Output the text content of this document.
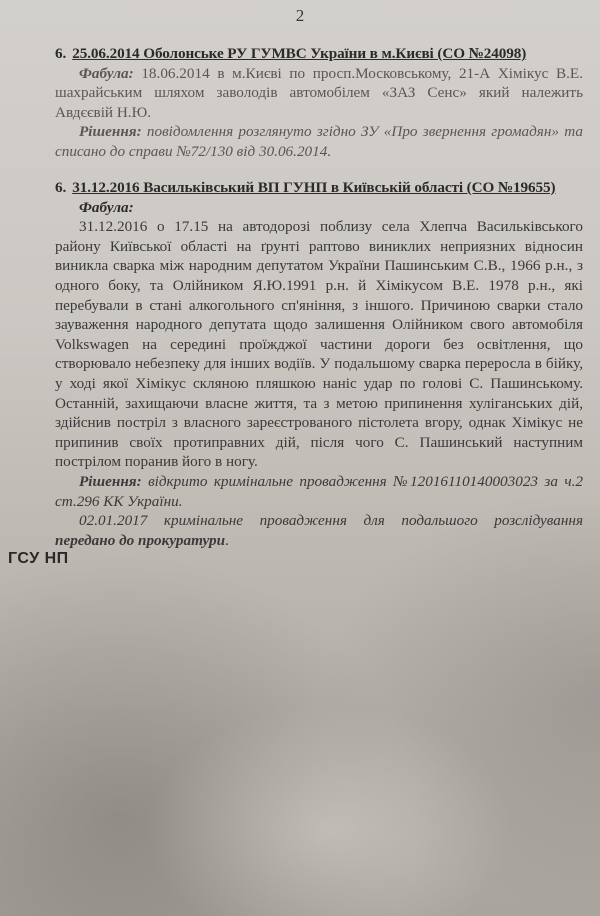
2
6. 25.06.2014 Оболонське РУ ГУМВС України в м.Києві (СО №24098)

Фабула: 18.06.2014 в м.Києві по просп.Московському, 21-А Хімікус В.Е. шахрайським шляхом заволодів автомобілем «ЗАЗ Сенс» який належить Авдєєвій Н.Ю.

Рішення: повідомлення розглянуто згідно ЗУ «Про звернення громадян» та списано до справи №72/130 від 30.06.2014.

6. 31.12.2016 Васильківський ВП ГУНП в Київській області (СО №19655)
Фабула:

31.12.2016 о 17.15 на автодорозі поблизу села Хлепча Васильківського району Київської області на ґрунті раптово виниклих неприязних відносин виникла сварка між народним депутатом України Пашинським С.В., 1966 р.н., з одного боку, та Олійником Я.Ю.1991 р.н. й Хімікусом В.Е. 1978 р.н., які перебували в стані алкогольного сп'яніння, з іншого. Причиною сварки стало зауваження народного депутата щодо залишення Олійником свого автомобіля Volkswagen на середині проїжджої частини дороги без освітлення, що створювало небезпеку для інших водіїв. У подальшому сварка переросла в бійку, у ході якої Хімікус скляною пляшкою наніс удар по голові С. Пашинському. Останній, захищаючи власне життя, та з метою припинення хуліганських дій, здійснив постріл з власного зареєстрованого пістолета вгору, однак Хімікус не припинив своїх протиправних дій, після чого С. Пашинський наступним пострілом поранив його в ногу.

Рішення: відкрито кримінальне провадження №12016110140003023 за ч.2 ст.296 КК України.

02.01.2017 кримінальне провадження для подальшого розслідування передано до прокуратури.

ГСУ НП
